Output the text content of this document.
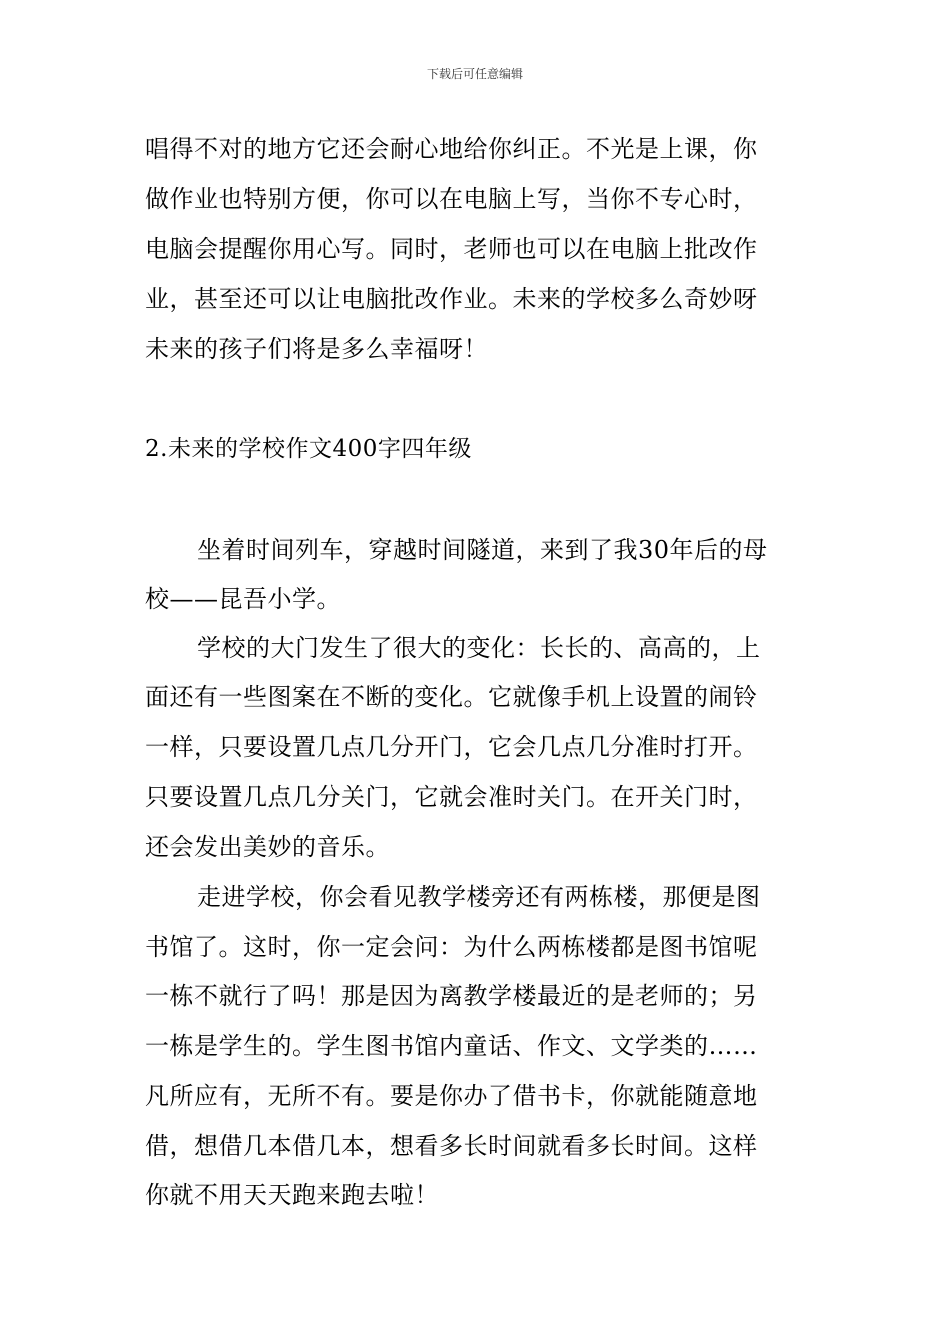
下载后可任意编辑
唱得不对的地方它还会耐心地给你纠正。不光是上课，你
做作业也特别方便，你可以在电脑上写，当你不专心时，
电脑会提醒你用心写。同时，老师也可以在电脑上批改作
业，甚至还可以让电脑批改作业。未来的学校多么奇妙呀
未来的孩子们将是多么幸福呀！
2.未来的学校作文400字四年级
坐着时间列车，穿越时间隧道，来到了我30年后的母
校——昆吾小学。
学校的大门发生了很大的变化：长长的、高高的，上
面还有一些图案在不断的变化。它就像手机上设置的闹铃
一样，只要设置几点几分开门，它会几点几分准时打开。
只要设置几点几分关门，它就会准时关门。在开关门时，
还会发出美妙的音乐。
走进学校，你会看见教学楼旁还有两栋楼，那便是图
书馆了。这时，你一定会问：为什么两栋楼都是图书馆呢
一栋不就行了吗！那是因为离教学楼最近的是老师的；另
一栋是学生的。学生图书馆内童话、作文、文学类的……
凡所应有，无所不有。要是你办了借书卡，你就能随意地
借，想借几本借几本，想看多长时间就看多长时间。这样
你就不用天天跑来跑去啦！
